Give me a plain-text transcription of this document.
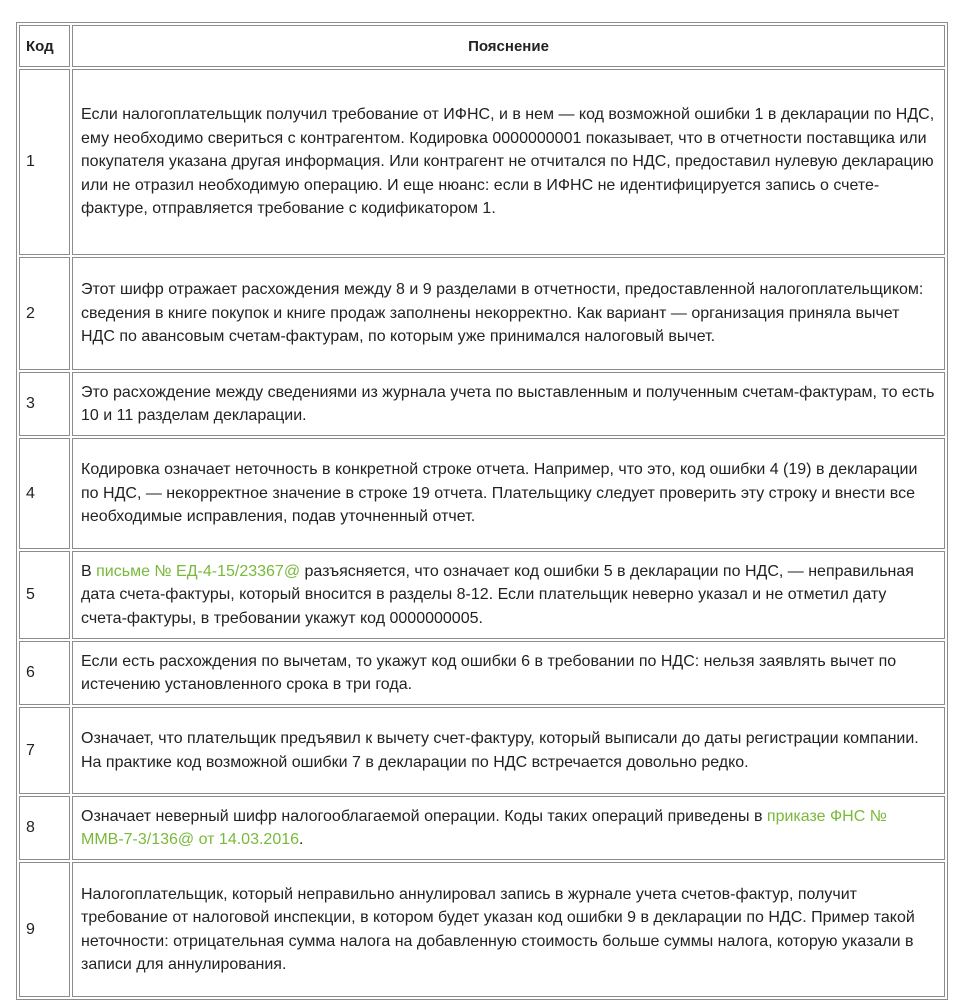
Код	Пояснение
1	Если налогоплательщик получил требование от ИФНС, и в нем — код возможной ошибки 1 в декларации по НДС, ему необходимо свериться с контрагентом. Кодировка 0000000001 показывает, что в отчетности поставщика или покупателя указана другая информация. Или контрагент не отчитался по НДС, предоставил нулевую декларацию или не отразил необходимую операцию. И еще нюанс: если в ИФНС не идентифицируется запись о счете-фактуре, отправляется требование с кодификатором 1.
2	Этот шифр отражает расхождения между 8 и 9 разделами в отчетности, предоставленной налогоплательщиком: сведения в книге покупок и книге продаж заполнены некорректно. Как вариант — организация приняла вычет НДС по авансовым счетам-фактурам, по которым уже принимался налоговый вычет.
3	Это расхождение между сведениями из журнала учета по выставленным и полученным счетам-фактурам, то есть 10 и 11 разделам декларации.
4	Кодировка означает неточность в конкретной строке отчета. Например, что это, код ошибки 4 (19) в декларации по НДС, — некорректное значение в строке 19 отчета. Плательщику следует проверить эту строку и внести все необходимые исправления, подав уточненный отчет.
5	В письме № ЕД-4-15/23367@ разъясняется, что означает код ошибки 5 в декларации по НДС, — неправильная дата счета-фактуры, который вносится в разделы 8-12. Если плательщик неверно указал и не отметил дату счета-фактуры, в требовании укажут код 0000000005.
6	Если есть расхождения по вычетам, то укажут код ошибки 6 в требовании по НДС: нельзя заявлять вычет по истечению установленного срока в три года.
7	Означает, что плательщик предъявил к вычету счет-фактуру, который выписали до даты регистрации компании. На практике код возможной ошибки 7 в декларации по НДС встречается довольно редко.
8	Означает неверный шифр налогооблагаемой операции. Коды таких операций приведены в приказе ФНС № ММВ-7-3/136@ от 14.03.2016.
9	Налогоплательщик, который неправильно аннулировал запись в журнале учета счетов-фактур, получит требование от налоговой инспекции, в котором будет указан код ошибки 9 в декларации по НДС. Пример такой неточности: отрицательная сумма налога на добавленную стоимость больше суммы налога, которую указали в записи для аннулирования.
